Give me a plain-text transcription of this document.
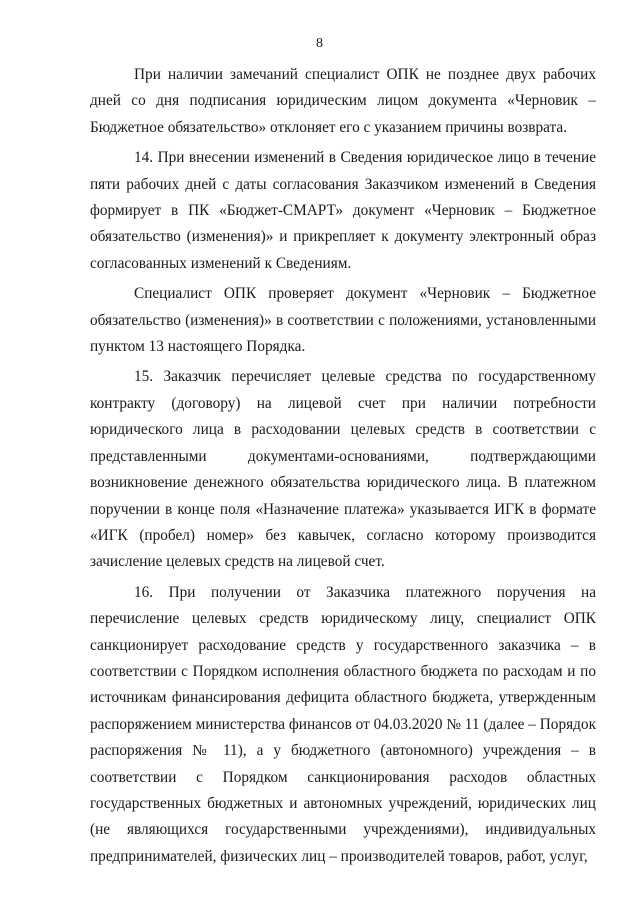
8

При наличии замечаний специалист ОПК не позднее двух рабочих дней со дня подписания юридическим лицом документа «Черновик – Бюджетное обязательство» отклоняет его с указанием причины возврата.

14. При внесении изменений в Сведения юридическое лицо в течение пяти рабочих дней с даты согласования Заказчиком изменений в Сведения формирует в ПК «Бюджет-СМАРТ» документ «Черновик – Бюджетное обязательство (изменения)» и прикрепляет к документу электронный образ согласованных изменений к Сведениям.

Специалист ОПК проверяет документ «Черновик – Бюджетное обязательство (изменения)» в соответствии с положениями, установленными пунктом 13 настоящего Порядка.

15. Заказчик перечисляет целевые средства по государственному контракту (договору) на лицевой счет при наличии потребности юридического лица в расходовании целевых средств в соответствии с представленными документами-основаниями, подтверждающими возникновение денежного обязательства юридического лица. В платежном поручении в конце поля «Назначение платежа» указывается ИГК в формате «ИГК (пробел) номер» без кавычек, согласно которому производится зачисление целевых средств на лицевой счет.

16. При получении от Заказчика платежного поручения на перечисление целевых средств юридическому лицу, специалист ОПК санкционирует расходование средств у государственного заказчика – в соответствии с Порядком исполнения областного бюджета по расходам и по источникам финансирования дефицита областного бюджета, утвержденным распоряжением министерства финансов от 04.03.2020 № 11 (далее – Порядок распоряжения № 11), а у бюджетного (автономного) учреждения – в соответствии с Порядком санкционирования расходов областных государственных бюджетных и автономных учреждений, юридических лиц (не являющихся государственными учреждениями), индивидуальных предпринимателей, физических лиц – производителей товаров, работ, услуг,
